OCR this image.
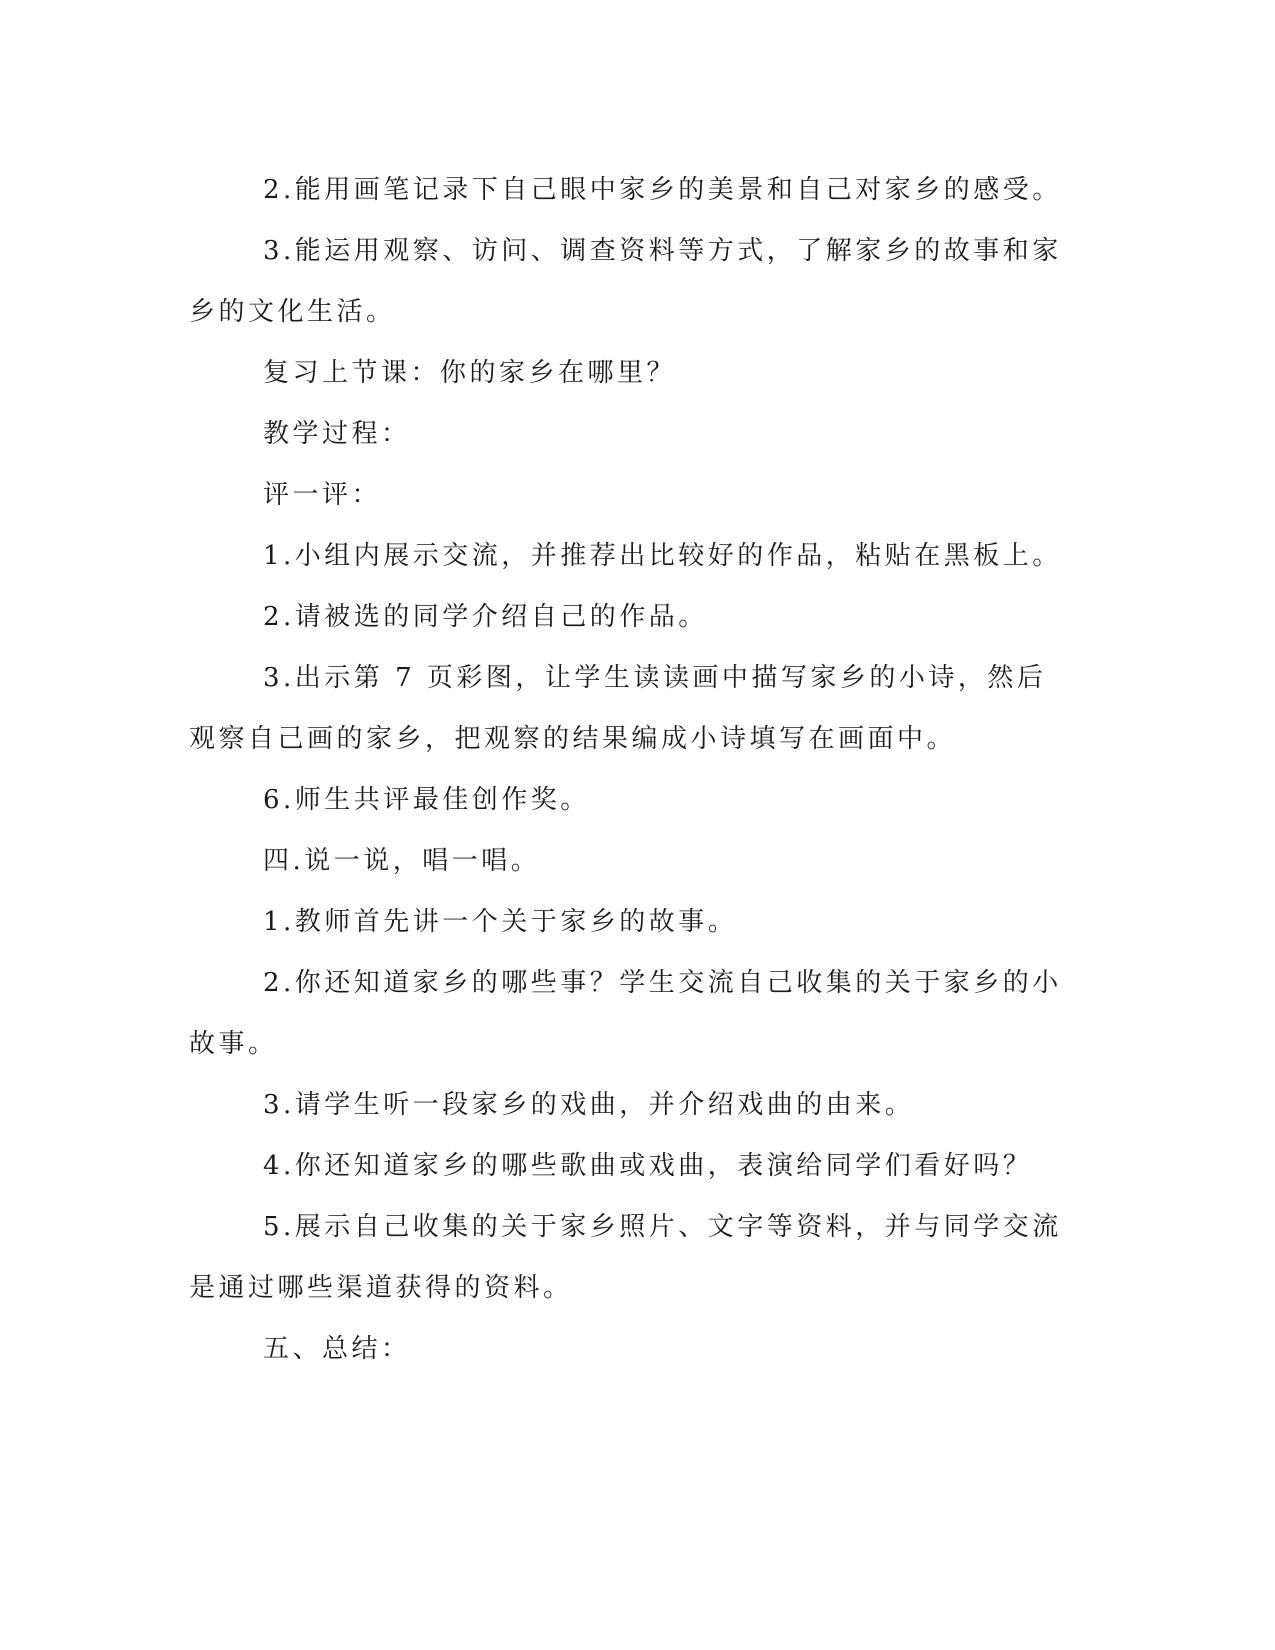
2.能用画笔记录下自己眼中家乡的美景和自己对家乡的感受。

3.能运用观察、访问、调查资料等方式，了解家乡的故事和家乡的文化生活。

复习上节课：你的家乡在哪里？

教学过程：

评一评：

1.小组内展示交流，并推荐出比较好的作品，粘贴在黑板上。

2.请被选的同学介绍自己的作品。

3.出示第 7 页彩图，让学生读读画中描写家乡的小诗，然后观察自己画的家乡，把观察的结果编成小诗填写在画面中。

6.师生共评最佳创作奖。

四.说一说，唱一唱。

1.教师首先讲一个关于家乡的故事。

2.你还知道家乡的哪些事？学生交流自己收集的关于家乡的小故事。

3.请学生听一段家乡的戏曲，并介绍戏曲的由来。

4.你还知道家乡的哪些歌曲或戏曲，表演给同学们看好吗？

5.展示自己收集的关于家乡照片、文字等资料，并与同学交流是通过哪些渠道获得的资料。

五、总结：
